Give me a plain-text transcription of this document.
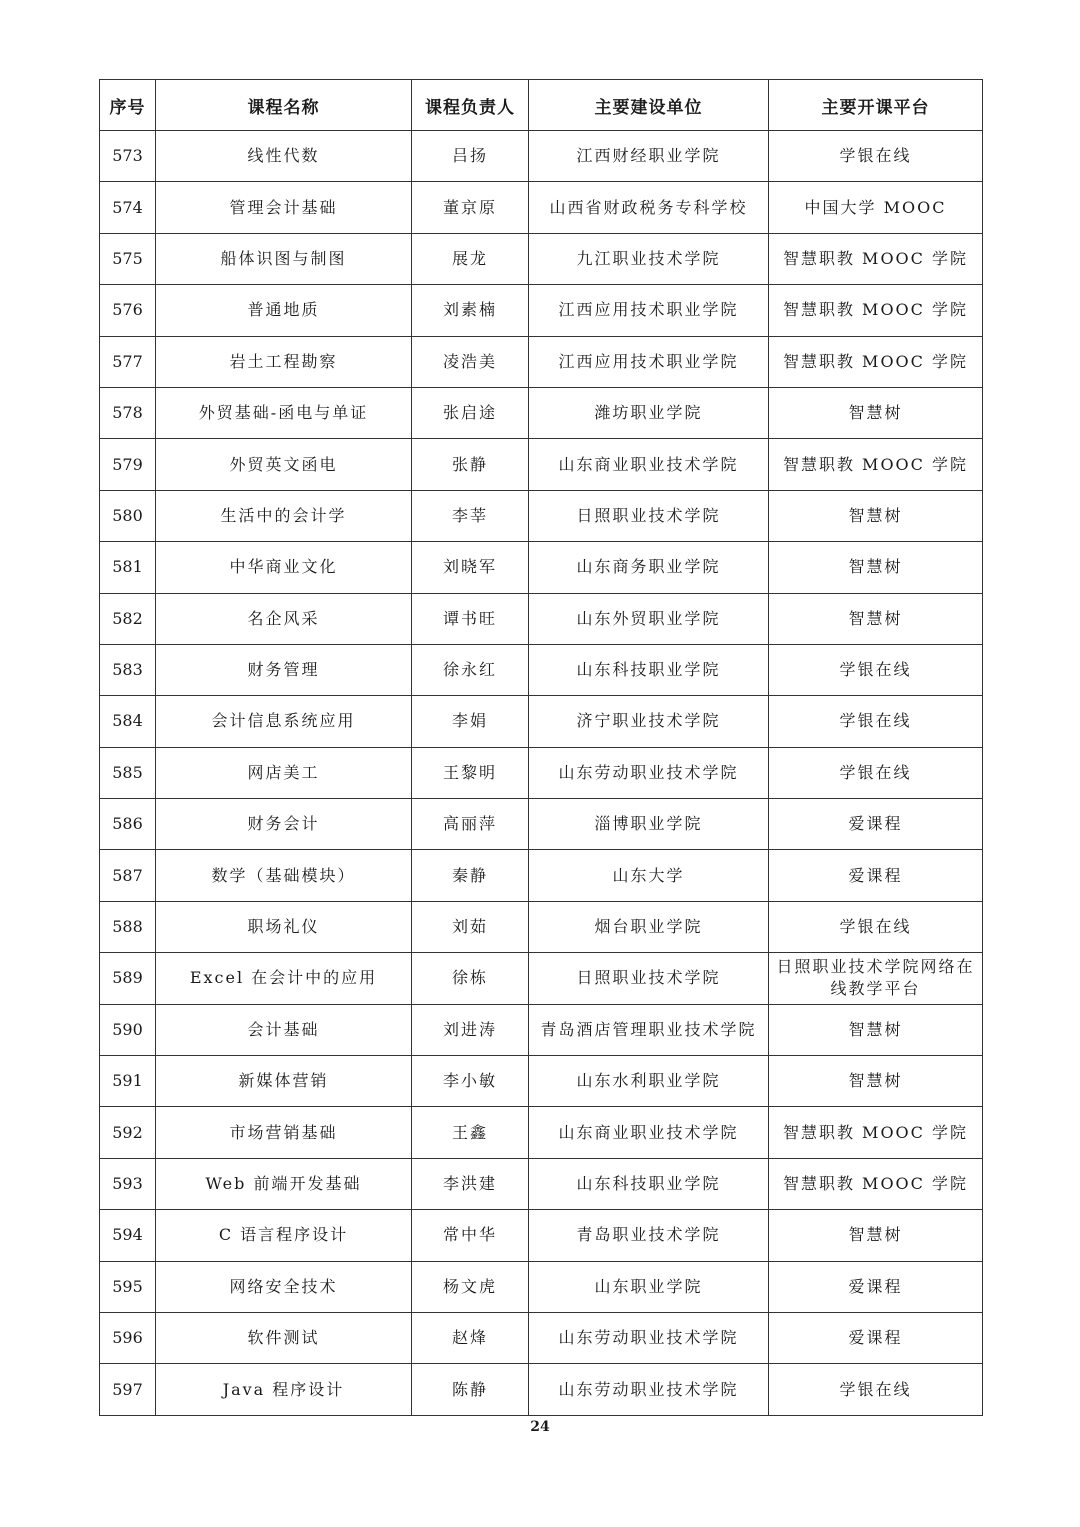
序号	课程名称	课程负责人	主要建设单位	主要开课平台
573	线性代数	吕扬	江西财经职业学院	学银在线
574	管理会计基础	董京原	山西省财政税务专科学校	中国大学 MOOC
575	船体识图与制图	展龙	九江职业技术学院	智慧职教 MOOC 学院
576	普通地质	刘素楠	江西应用技术职业学院	智慧职教 MOOC 学院
577	岩土工程勘察	凌浩美	江西应用技术职业学院	智慧职教 MOOC 学院
578	外贸基础-函电与单证	张启途	潍坊职业学院	智慧树
579	外贸英文函电	张静	山东商业职业技术学院	智慧职教 MOOC 学院
580	生活中的会计学	李莘	日照职业技术学院	智慧树
581	中华商业文化	刘晓军	山东商务职业学院	智慧树
582	名企风采	谭书旺	山东外贸职业学院	智慧树
583	财务管理	徐永红	山东科技职业学院	学银在线
584	会计信息系统应用	李娟	济宁职业技术学院	学银在线
585	网店美工	王黎明	山东劳动职业技术学院	学银在线
586	财务会计	高丽萍	淄博职业学院	爱课程
587	数学（基础模块）	秦静	山东大学	爱课程
588	职场礼仪	刘茹	烟台职业学院	学银在线
589	Excel 在会计中的应用	徐栋	日照职业技术学院	日照职业技术学院网络在线教学平台
590	会计基础	刘进涛	青岛酒店管理职业技术学院	智慧树
591	新媒体营销	李小敏	山东水利职业学院	智慧树
592	市场营销基础	王鑫	山东商业职业技术学院	智慧职教 MOOC 学院
593	Web 前端开发基础	李洪建	山东科技职业学院	智慧职教 MOOC 学院
594	C 语言程序设计	常中华	青岛职业技术学院	智慧树
595	网络安全技术	杨文虎	山东职业学院	爱课程
596	软件测试	赵烽	山东劳动职业技术学院	爱课程
597	Java 程序设计	陈静	山东劳动职业技术学院	学银在线
24
